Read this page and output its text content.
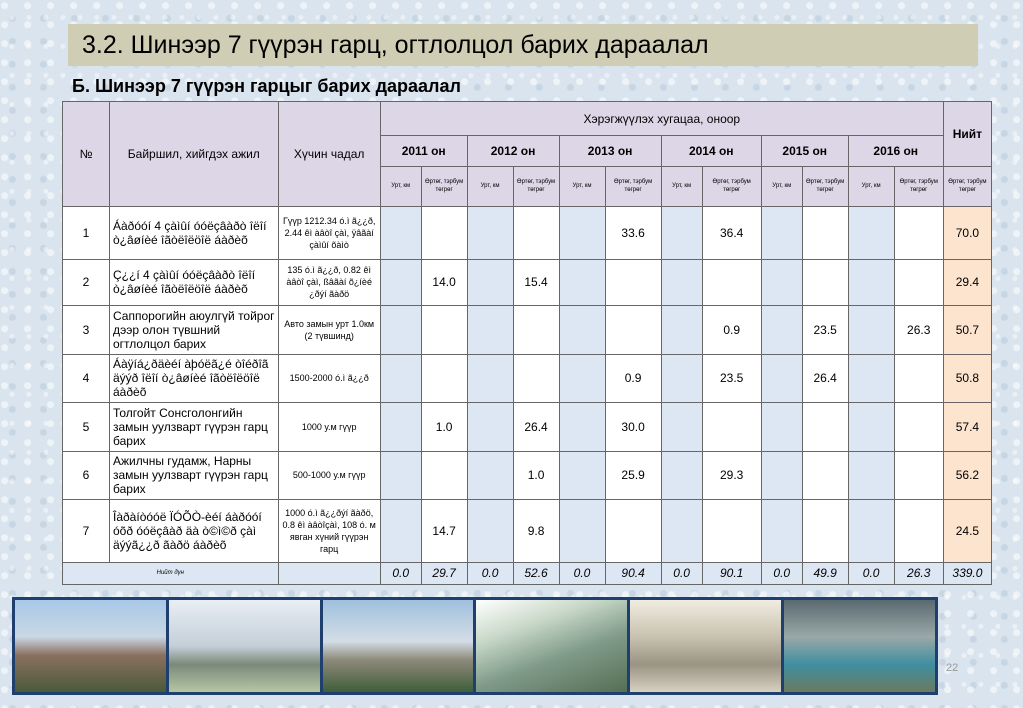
3.2. Шинээр 7 гүүрэн гарц, огтлолцол барих дараалал
Б. Шинээр 7 гүүрэн гарцыг барих дараалал
№	Байршил, хийгдэх ажил	Хүчин чадал	Хэрэгжүүлэх хугацаа, оноор												Нийт
			2011 он		2012 он		2013 он		2014 он		2015 он		2016 он		
			Урт, км	Өртөг, тэрбум төгрөг	Урт, км	Өртөг, тэрбум төгрөг	Урт, км	Өртөг, тэрбум төгрөг	Урт, км	Өртөг, тэрбум төгрөг	Урт, км	Өртөг, тэрбум төгрөг	Урт, км	Өртөг, тэрбум төгрөг	Өртөг, тэрбум төгрөг
1	Áàðóóí 4 çàìûí óóëçâàðò îëîí ò¿âøíèé îãòëîëöîë áàðèõ	Гүүр 1212.34 ó.ì ã¿¿ð, 2.44 êì àâòî çàì, ÿâãàí çàìûí õàìò						33.6		36.4					70.0
2	Ç¿¿í 4 çàìûí óóëçâàðò îëîí ò¿âøíèé îãòëîëöîë áàðèõ	135 ó.ì ã¿¿ð, 0.82 êì àâòî çàì, ßâãàí õ¿íèé ¿ðýí ãàðö		14.0		15.4									29.4
3	Саппорогийн аюулгүй тойрог дээр олон түвшний огтлолцол барих	Авто замын урт 1.0км (2 түвшинд)								0.9		23.5		26.3	50.7
4	Áàÿíá¿ðäèéí àþóëã¿é òîéðîã äýýð îëîí ò¿âøíèé îãòëîëöîë áàðèõ	1500-2000 ó.ì ã¿¿ð						0.9		23.5		26.4			50.8
5	Толгойт Сонсголонгийн замын уулзварт гүүрэн гарц барих	1000 у.м гүүр		1.0		26.4		30.0							57.4
6	Ажилчны гудамж, Нарны замын уулзварт гүүрэн гарц барих	500-1000 у.м гүүр				1.0		25.9		29.3					56.2
7	Îàðàíòóóë ÏÓÕÒ-èéí áàðóóí óõð óóëçâàð äà ò©ì©ð çàì äýýã¿¿ð ãàðö áàðèõ	1000 ó.ì ã¿¿ðýí ãàðö, 0.8 êì àâòîçàì, 108 ó. м явган хүний гүүрэн гарц		14.7		9.8									24.5
Нийт дүн			0.0	29.7	0.0	52.6	0.0	90.4	0.0	90.1	0.0	49.9	0.0	26.3	339.0
22
